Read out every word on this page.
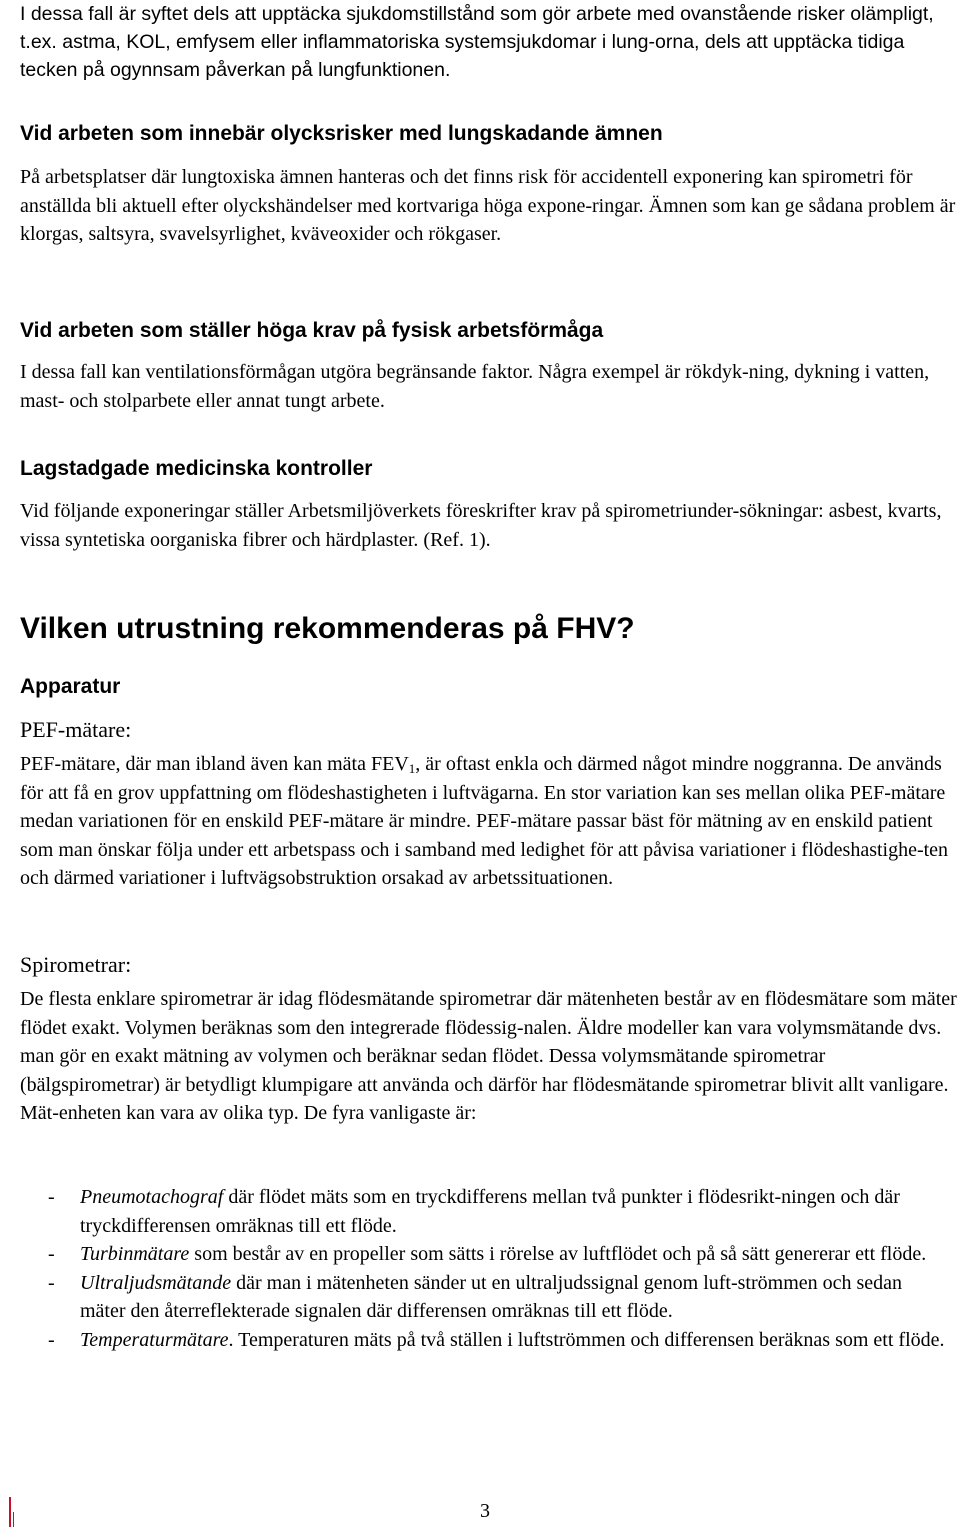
I dessa fall är syftet dels att upptäcka sjukdomstillstånd som gör arbete med ovanstående risker olämpligt, t.ex. astma, KOL, emfysem eller inflammatoriska systemsjukdomar i lung-orna, dels att upptäcka tidiga tecken på ogynnsam påverkan på lungfunktionen.

Vid arbeten som innebär olycksrisker med lungskadande ämnen

På arbetsplatser där lungtoxiska ämnen hanteras och det finns risk för accidentell exponering kan spirometri för anställda bli aktuell efter olyckshändelser med kortvariga höga expone-ringar. Ämnen som kan ge sådana problem är klorgas, saltsyra, svavelsyrlighet, kväveoxider och rökgaser.

Vid arbeten som ställer höga krav på fysisk arbetsförmåga

I dessa fall kan ventilationsförmågan utgöra begränsande faktor. Några exempel är rökdyk-ning, dykning i vatten, mast- och stolparbete eller annat tungt arbete.

Lagstadgade medicinska kontroller

Vid följande exponeringar ställer Arbetsmiljöverkets föreskrifter krav på spirometriunder-sökningar: asbest, kvarts, vissa syntetiska oorganiska fibrer och härdplaster. (Ref. 1).

Vilken utrustning rekommenderas på FHV?
Apparatur
PEF-mätare:

PEF-mätare, där man ibland även kan mäta $FEV_1$, är oftast enkla och därmed något mindre noggranna. De används för att få en grov uppfattning om flödeshastigheten i luftvägarna. En stor variation kan ses mellan olika PEF-mätare medan variationen för en enskild PEF-mätare är mindre. PEF-mätare passar bäst för mätning av en enskild patient som man önskar följa under ett arbetspass och i samband med ledighet för att påvisa variationer i flödeshastighe-ten och därmed variationer i luftvägsobstruktion orsakad av arbetssituationen.

Spirometrar:

De flesta enklare spirometrar är idag flödesmätande spirometrar där mätenheten består av en flödesmätare som mäter flödet exakt. Volymen beräknas som den integrerade flödessig-nalen. Äldre modeller kan vara volymsmätande dvs. man gör en exakt mätning av volymen och beräknar sedan flödet. Dessa volymsmätande spirometrar (bälgspirometrar) är betydligt klumpigare att använda och därför har flödesmätande spirometrar blivit allt vanligare. Mät-enheten kan vara av olika typ. De fyra vanligaste är:

- Pneumotachograf där flödet mäts som en tryckdifferens mellan två punkter i flödesrikt-ningen och där tryckdifferensen omräknas till ett flöde.
- Turbinmätare som består av en propeller som sätts i rörelse av luftflödet och på så sätt genererar ett flöde.
- Ultraljudsmätande där man i mätenheten sänder ut en ultraljudssignal genom luft-strömmen och sedan mäter den återreflekterade signalen där differensen omräknas till ett flöde.
- Temperaturmätare. Temperaturen mäts på två ställen i luftströmmen och differensen beräknas som ett flöde.
3
